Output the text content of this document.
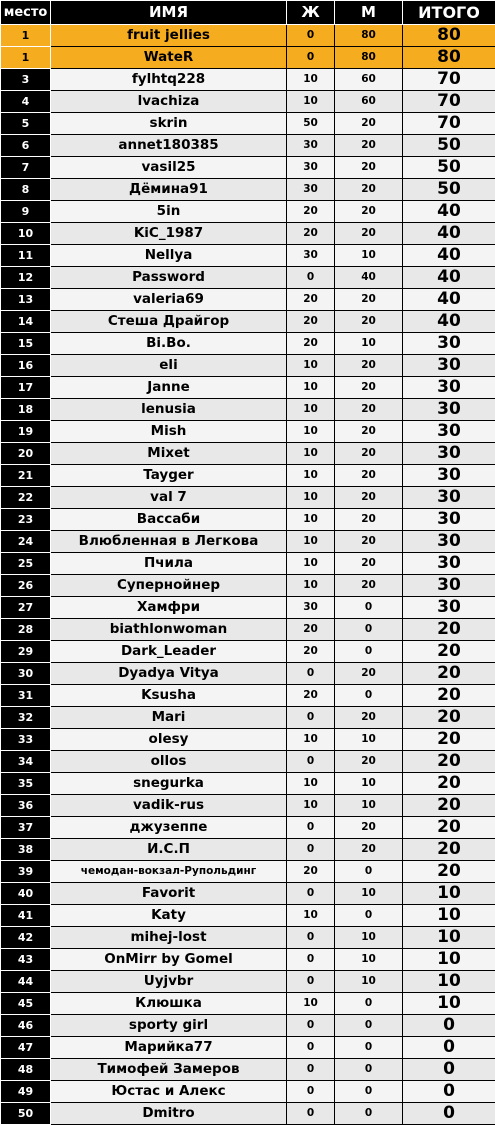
место	ИМЯ	Ж	М	ИТОГО
1	fruit jellies	0	80	80
1	WateR	0	80	80
3	fylhtq228	10	60	70
4	lvachiza	10	60	70
5	skrin	50	20	70
6	annet180385	30	20	50
7	vasil25	30	20	50
8	Дёмина91	30	20	50
9	5in	20	20	40
10	KiC_1987	20	20	40
11	Nellya	30	10	40
12	Password	0	40	40
13	valeria69	20	20	40
14	Стеша Драйгор	20	20	40
15	Bi.Bo.	20	10	30
16	eli	10	20	30
17	Janne	10	20	30
18	lenusia	10	20	30
19	Mish	10	20	30
20	Mixet	10	20	30
21	Tayger	10	20	30
22	val 7	10	20	30
23	Вассаби	10	20	30
24	Влюбленная в Легкова	10	20	30
25	Пчила	10	20	30
26	Супернойнер	10	20	30
27	Хамфри	30	0	30
28	biathlonwoman	20	0	20
29	Dark_Leader	20	0	20
30	Dyadya Vitya	0	20	20
31	Ksusha	20	0	20
32	Mari	0	20	20
33	olesy	10	10	20
34	ollos	0	20	20
35	snegurka	10	10	20
36	vadik-rus	10	10	20
37	джузеппе	0	20	20
38	И.С.П	0	20	20
39	чемодан-вокзал-Рупольдинг	20	0	20
40	Favorit	0	10	10
41	Katy	10	0	10
42	mihej-lost	0	10	10
43	OnMirr by Gomel	0	10	10
44	Uyjvbr	0	10	10
45	Клюшка	10	0	10
46	sporty girl	0	0	0
47	Марийка77	0	0	0
48	Тимофей Замеров	0	0	0
49	Юстас и Алекс	0	0	0
50	Dmitro	0	0	0
